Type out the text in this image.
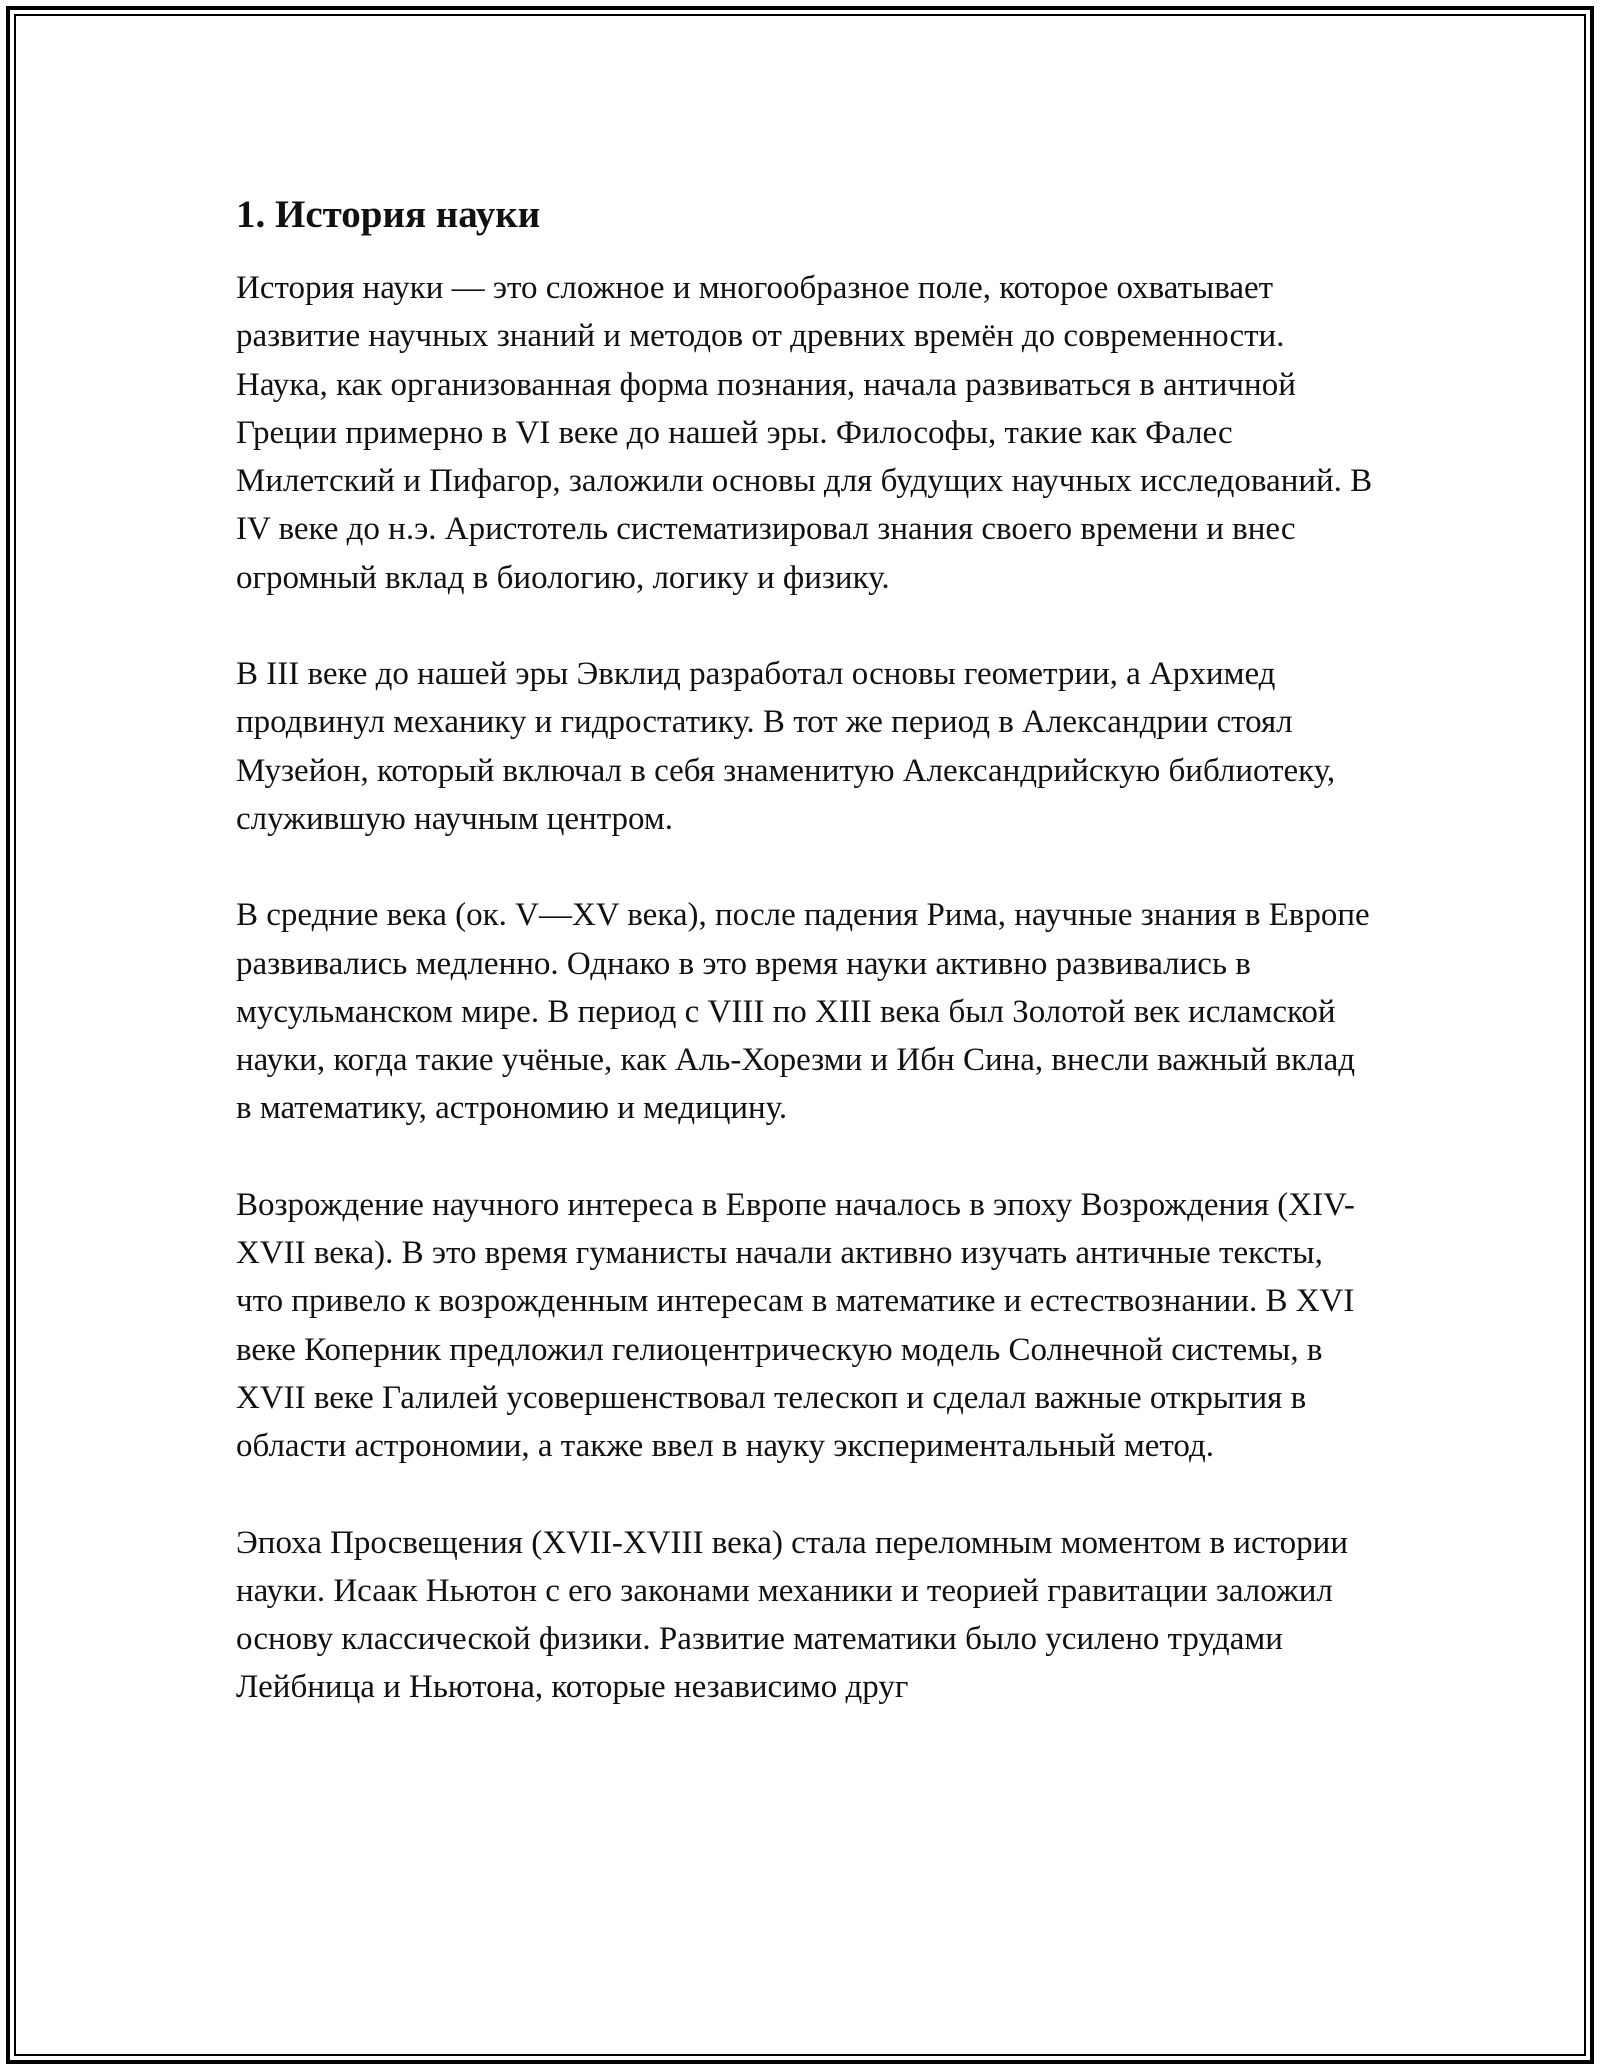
1. История науки

История науки — это сложное и многообразное поле, которое охватывает развитие научных знаний и методов от древних времён до современности. Наука, как организованная форма познания, начала развиваться в античной Греции примерно в VI веке до нашей эры. Философы, такие как Фалес Милетский и Пифагор, заложили основы для будущих научных исследований. В IV веке до н.э. Аристотель систематизировал знания своего времени и внес огромный вклад в биологию, логику и физику.

В III веке до нашей эры Эвклид разработал основы геометрии, а Архимед продвинул механику и гидростатику. В тот же период в Александрии стоял Музейон, который включал в себя знаменитую Александрийскую библиотеку, служившую научным центром.

В средние века (ок. V—XV века), после падения Рима, научные знания в Европе развивались медленно. Однако в это время науки активно развивались в мусульманском мире. В период с VIII по XIII века был Золотой век исламской науки, когда такие учёные, как Аль-Хорезми и Ибн Сина, внесли важный вклад в математику, астрономию и медицину.

Возрождение научного интереса в Европе началось в эпоху Возрождения (XIV-XVII века). В это время гуманисты начали активно изучать античные тексты, что привело к возрожденным интересам в математике и естествознании. В XVI веке Коперник предложил гелиоцентрическую модель Солнечной системы, в XVII веке Галилей усовершенствовал телескоп и сделал важные открытия в области астрономии, а также ввел в науку экспериментальный метод.

Эпоха Просвещения (XVII-XVIII века) стала переломным моментом в истории науки. Исаак Ньютон с его законами механики и теорией гравитации заложил основу классической физики. Развитие математики было усилено трудами Лейбница и Ньютона, которые независимо друг
